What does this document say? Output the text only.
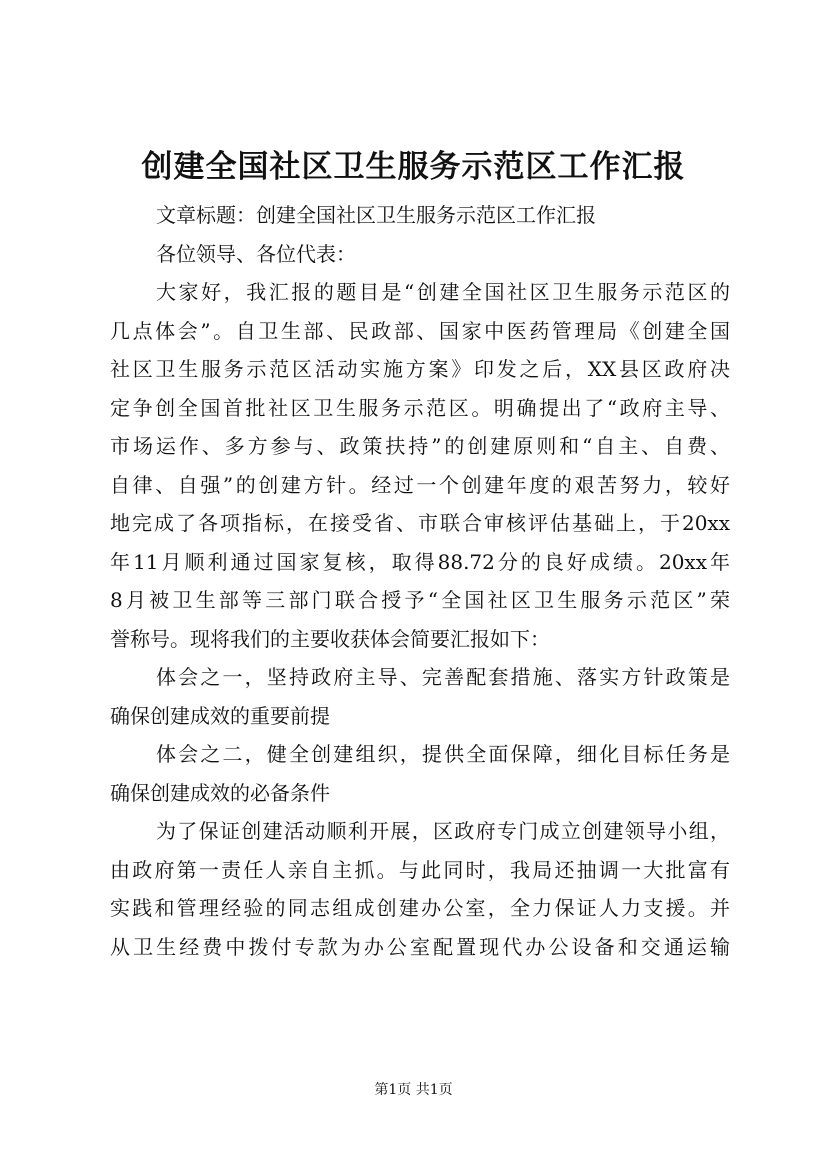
创建全国社区卫生服务示范区工作汇报
文章标题：创建全国社区卫生服务示范区工作汇报
各位领导、各位代表：
大家好，我汇报的题目是“创建全国社区卫生服务示范区的
几点体会”。自卫生部、民政部、国家中医药管理局《创建全国
社区卫生服务示范区活动实施方案》印发之后，XX县区政府决
定争创全国首批社区卫生服务示范区。明确提出了“政府主导、
市场运作、多方参与、政策扶持”的创建原则和“自主、自费、
自律、自强”的创建方针。经过一个创建年度的艰苦努力，较好
地完成了各项指标，在接受省、市联合审核评估基础上，于20xx
年11月顺利通过国家复核，取得88.72分的良好成绩。20xx年
8月被卫生部等三部门联合授予“全国社区卫生服务示范区”荣
誉称号。现将我们的主要收获体会简要汇报如下：
体会之一，坚持政府主导、完善配套措施、落实方针政策是
确保创建成效的重要前提
体会之二，健全创建组织，提供全面保障，细化目标任务是
确保创建成效的必备条件
为了保证创建活动顺利开展，区政府专门成立创建领导小组，
由政府第一责任人亲自主抓。与此同时，我局还抽调一大批富有
实践和管理经验的同志组成创建办公室，全力保证人力支援。并
从卫生经费中拨付专款为办公室配置现代办公设备和交通运输
第1页 共1页
